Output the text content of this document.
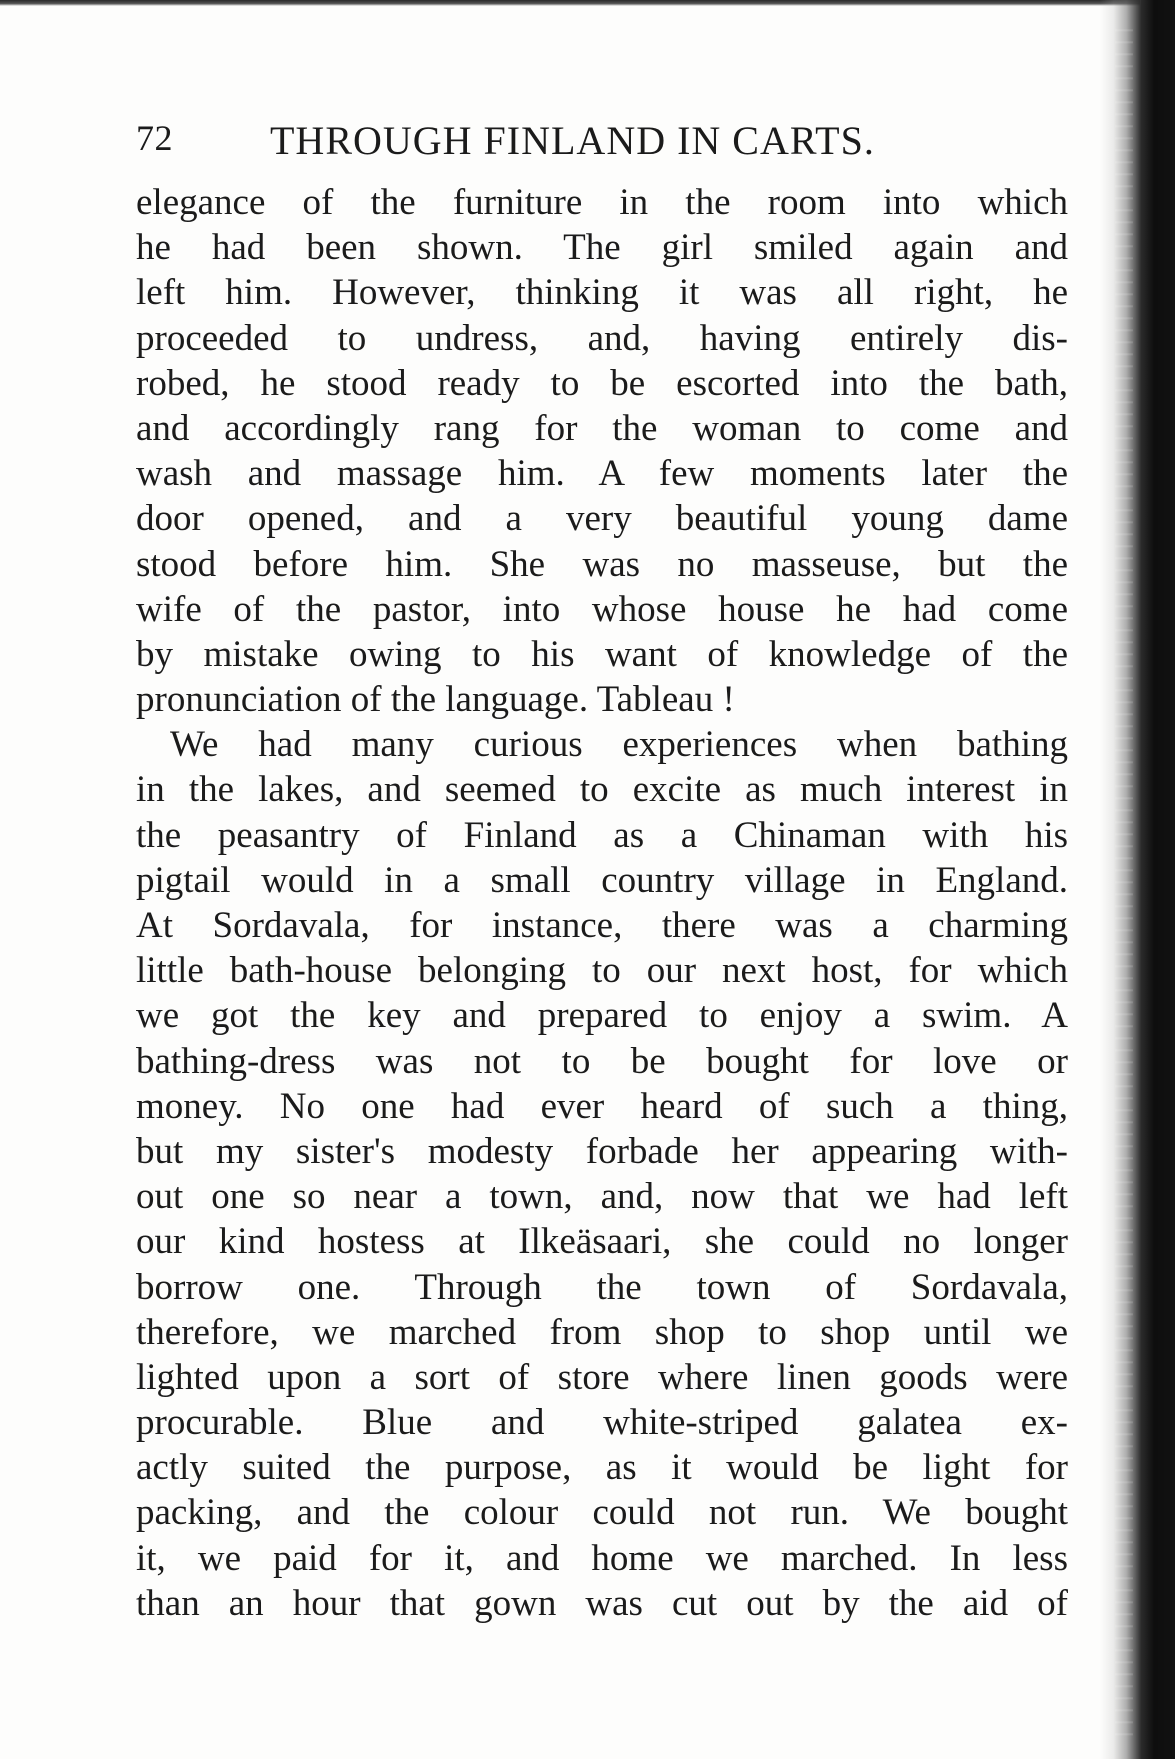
72 THROUGH FINLAND IN CARTS.
elegance of the furniture in the room into which
he had been shown. The girl smiled again and
left him. However, thinking it was all right, he
proceeded to undress, and, having entirely dis-
robed, he stood ready to be escorted into the bath,
and accordingly rang for the woman to come and
wash and massage him. A few moments later the
door opened, and a very beautiful young dame
stood before him. She was no masseuse, but the
wife of the pastor, into whose house he had come
by mistake owing to his want of knowledge of the
pronunciation of the language. Tableau !
We had many curious experiences when bathing
in the lakes, and seemed to excite as much interest in
the peasantry of Finland as a Chinaman with his
pigtail would in a small country village in England.
At Sordavala, for instance, there was a charming
little bath-house belonging to our next host, for which
we got the key and prepared to enjoy a swim. A
bathing-dress was not to be bought for love or
money. No one had ever heard of such a thing,
but my sister's modesty forbade her appearing with-
out one so near a town, and, now that we had left
our kind hostess at Ilkeäsaari, she could no longer
borrow one. Through the town of Sordavala,
therefore, we marched from shop to shop until we
lighted upon a sort of store where linen goods were
procurable. Blue and white-striped galatea ex-
actly suited the purpose, as it would be light for
packing, and the colour could not run. We bought
it, we paid for it, and home we marched. In less
than an hour that gown was cut out by the aid of
